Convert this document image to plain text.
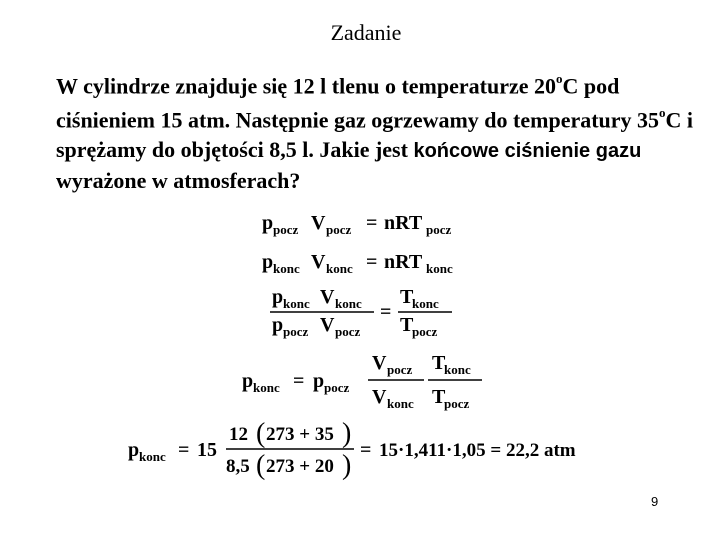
Zadanie
W cylindrze znajduje się 12 l tlenu o temperaturze 20$^o$C pod ciśnieniem 15 atm. Następnie gaz ogrzewamy do temperatury 35$^o$C i sprężamy do objętości 8,5 l. Jakie jest końcowe ciśnienie gazu wyrażone w atmosferach?
p pocz V pocz = nRT pocz
p konc V konc = nRT konc
p konc V konc
p pocz V pocz
=
T
konc
T
pocz
p konc = p pocz
V pocz
V konc
T
konc
T
pocz
p konc = 15
12 ( 273 + 35 )
8,5 ( 273 + 20 ) = 15·1,411·1,05 = 22,2 atm
9
